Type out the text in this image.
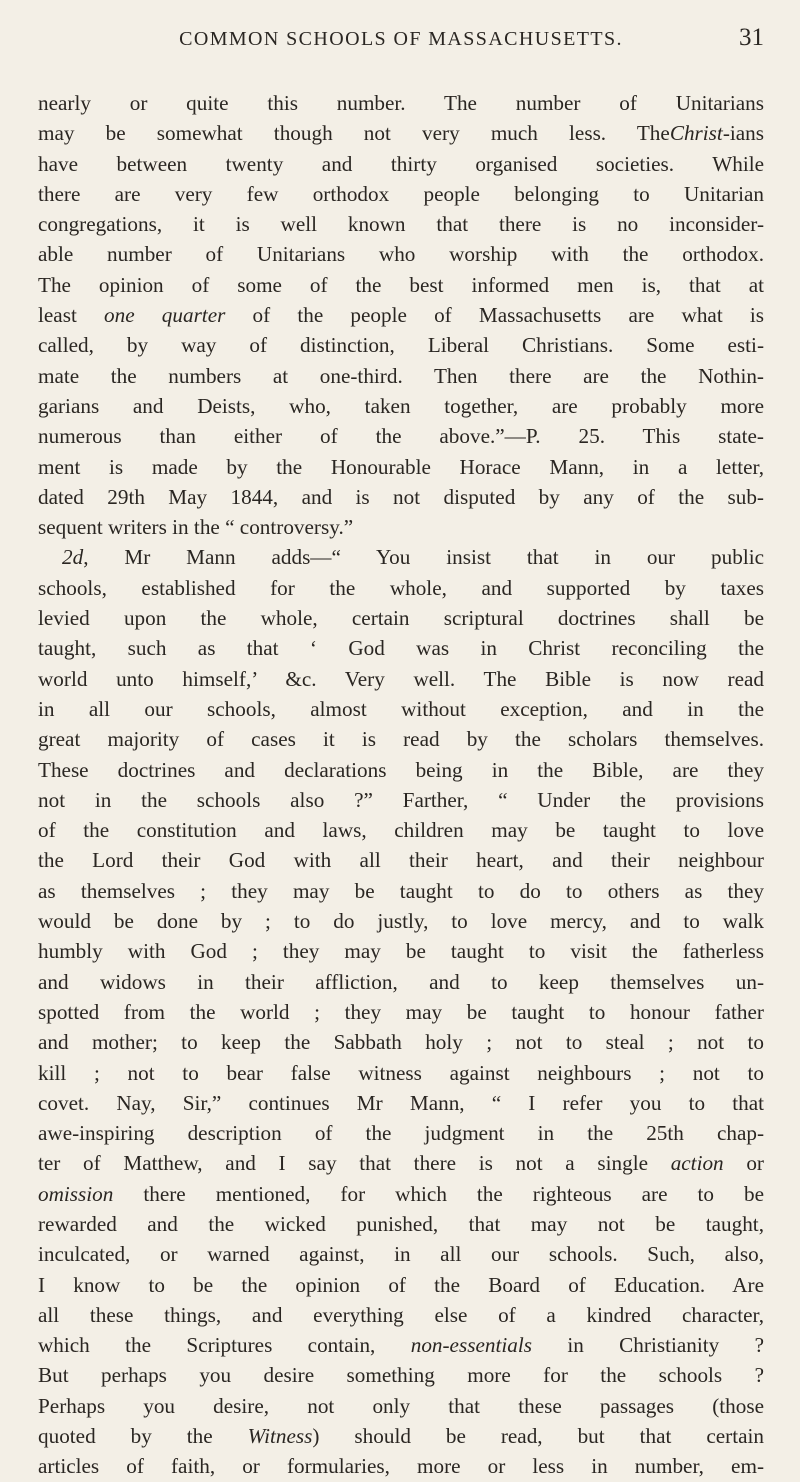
COMMON SCHOOLS OF MASSACHUSETTS.	31
nearly or quite this number. The number of Unitarians
may be somewhat though not very much less. TheChrist-ians
have between twenty and thirty organised societies. While
there are very few orthodox people belonging to Unitarian
congregations, it is well known that there is no inconsider-
able number of Unitarians who worship with the orthodox.
The opinion of some of the best informed men is, that at
least one quarter of the people of Massachusetts are what is
called, by way of distinction, Liberal Christians. Some esti-
mate the numbers at one-third. Then there are the Nothin-
garians and Deists, who, taken together, are probably more
numerous than either of the above.”—P. 25. This state-
ment is made by the Honourable Horace Mann, in a letter,
dated 29th May 1844, and is not disputed by any of the sub-
sequent writers in the “ controversy.”
2d, Mr Mann adds—“ You insist that in our public
schools, established for the whole, and supported by taxes
levied upon the whole, certain scriptural doctrines shall be
taught, such as that ‘ God was in Christ reconciling the
world unto himself,’ &c. Very well. The Bible is now read
in all our schools, almost without exception, and in the
great majority of cases it is read by the scholars themselves.
These doctrines and declarations being in the Bible, are they
not in the schools also ?” Farther, “ Under the provisions
of the constitution and laws, children may be taught to love
the Lord their God with all their heart, and their neighbour
as themselves ; they may be taught to do to others as they
would be done by ; to do justly, to love mercy, and to walk
humbly with God ; they may be taught to visit the fatherless
and widows in their affliction, and to keep themselves un-
spotted from the world ; they may be taught to honour father
and mother; to keep the Sabbath holy ; not to steal ; not to
kill ; not to bear false witness against neighbours ; not to
covet. Nay, Sir,” continues Mr Mann, “ I refer you to that
awe-inspiring description of the judgment in the 25th chap-
ter of Matthew, and I say that there is not a single action or
omission there mentioned, for which the righteous are to be
rewarded and the wicked punished, that may not be taught,
inculcated, or warned against, in all our schools. Such, also,
I know to be the opinion of the Board of Education. Are
all these things, and everything else of a kindred character,
which the Scriptures contain, non-essentials in Christianity ?
But perhaps you desire something more for the schools ?
Perhaps you desire, not only that these passages (those
quoted by the Witness) should be read, but that certain
articles of faith, or formularies, more or less in number, em-
